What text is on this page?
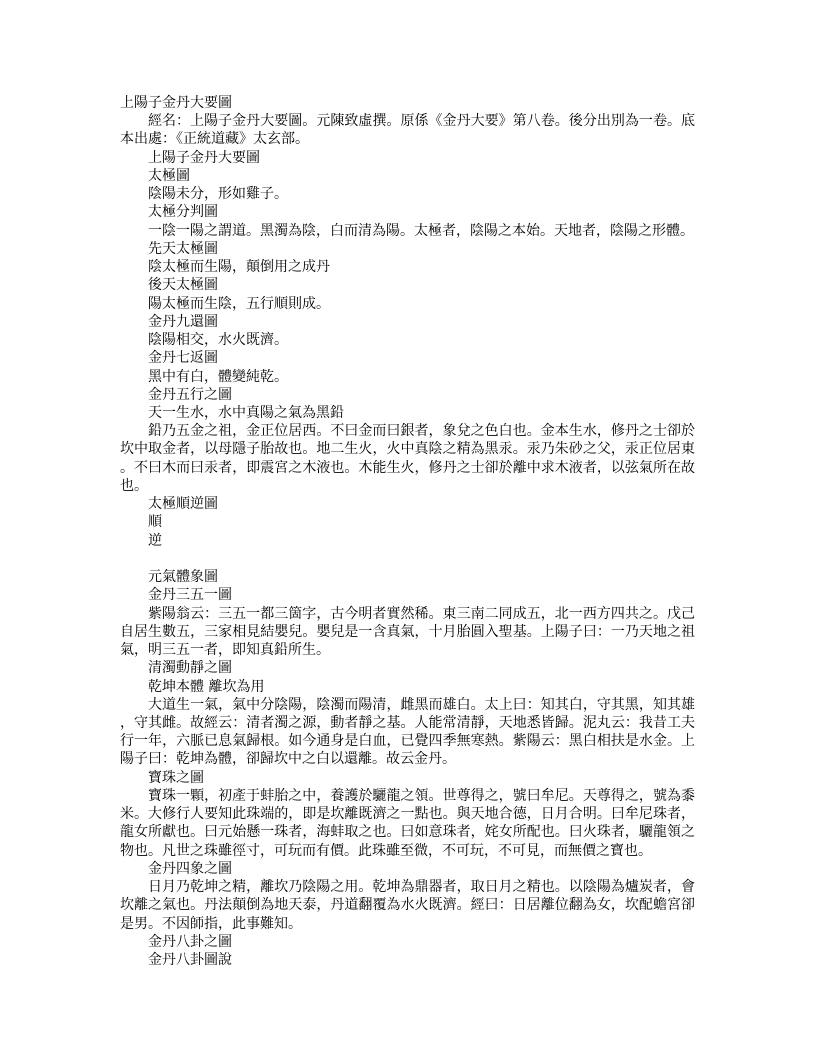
上陽子金丹大要圖

經名：上陽子金丹大要圖。元陳致虛撰。原係《金丹大要》第八卷。後分出別為一卷。底本出處：《正統道藏》太玄部。

上陽子金丹大要圖

太極圖

陰陽未分，形如雞子。

太極分判圖

一陰一陽之謂道。黑濁為陰，白而清為陽。太極者，陰陽之本始。天地者，陰陽之形體。

先天太極圖

陰太極而生陽，顛倒用之成丹

後天太極圖

陽太極而生陰，五行順則成。

金丹九還圖

陰陽相交，水火既濟。

金丹七返圖

黑中有白，體變純乾。

金丹五行之圖

天一生水，水中真陽之氣為黑鉛

鉛乃五金之祖，金正位居西。不曰金而曰銀者，象兌之色白也。金本生水，修丹之士卻於坎中取金者，以母隱子胎故也。地二生火，火中真陰之精為黑汞。汞乃朱砂之父，汞正位居東。不曰木而曰汞者，即震宮之木液也。木能生火，修丹之士卻於離中求木液者，以弦氣所在故也。

太極順逆圖

順

逆

元氣體象圖

金丹三五一圖

紫陽翁云：三五一都三箇字，古今明者實然稀。東三南二同成五，北一西方四共之。戊己自居生數五，三家相見結嬰兒。嬰兒是一含真氣，十月胎圓入聖基。上陽子曰：一乃天地之祖氣，明三五一者，即知真鉛所生。

清濁動靜之圖

乾坤本體 離坎為用

大道生一氣，氣中分陰陽，陰濁而陽清，雌黑而雄白。太上曰：知其白，守其黑，知其雄，守其雌。故經云：清者濁之源，動者靜之基。人能常清靜，天地悉皆歸。泥丸云：我昔工夫行一年，六脈已息氣歸根。如今通身是白血，已覺四季無寒熱。紫陽云：黑白相扶是水金。上陽子曰：乾坤為體，卻歸坎中之白以還離。故云金丹。

寶珠之圖

寶珠一顆，初產于蚌胎之中，養護於驪龍之領。世尊得之，號曰牟尼。天尊得之，號為黍米。大修行人要知此珠端的，即是坎離既濟之一點也。與天地合德，日月合明。曰牟尼珠者，龍女所獻也。曰元始懸一珠者，海蚌取之也。曰如意珠者，姹女所配也。曰火珠者，驪龍領之物也。凡世之珠雖徑寸，可玩而有價。此珠雖至微，不可玩，不可見，而無價之寶也。

金丹四象之圖

日月乃乾坤之精，離坎乃陰陽之用。乾坤為鼎器者，取日月之精也。以陰陽為爐炭者，會坎離之氣也。丹法顛倒為地天泰，丹道翻覆為水火既濟。經曰：日居離位翻為女，坎配蟾宮卻是男。不因師指，此事難知。

金丹八卦之圖

金丹八卦圖說
